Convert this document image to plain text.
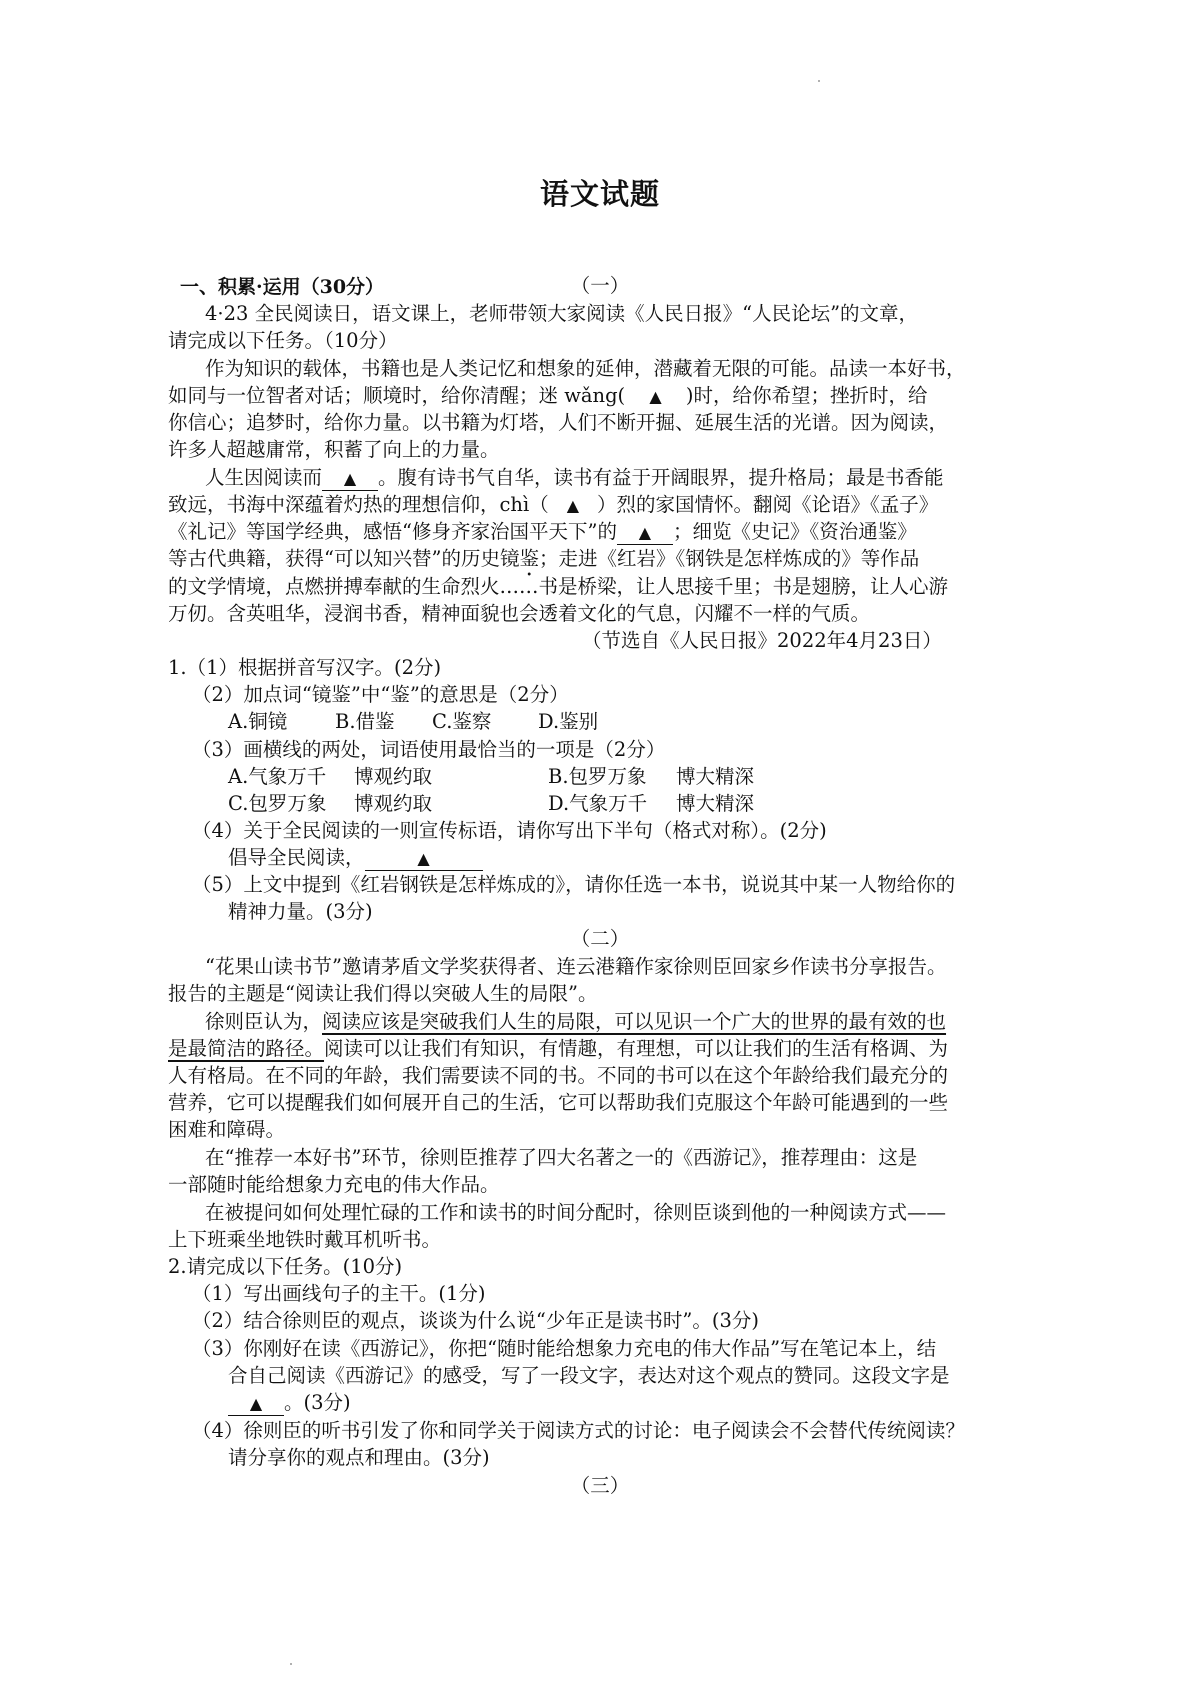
语文试题
一、积累·运用（30分）	（一）
4·23 全民阅读日，语文课上，老师带领大家阅读《人民日报》“人民论坛”的文章，
请完成以下任务。（10分）
作为知识的载体，书籍也是人类记忆和想象的延伸，潜藏着无限的可能。品读一本好书，
如同与一位智者对话；顺境时，给你清醒；迷 wǎng( ▲ )时，给你希望；挫折时，给
你信心；追梦时，给你力量。以书籍为灯塔，人们不断开掘、延展生活的光谱。因为阅读，
许多人超越庸常，积蓄了向上的力量。
人生因阅读而 ▲ 。腹有诗书气自华，读书有益于开阔眼界，提升格局；最是书香能
致远，书海中深蕴着灼热的理想信仰，chì（ ▲ ）烈的家国情怀。翻阅《论语》《孟子》
《礼记》等国学经典，感悟“修身齐家治国平天下”的 ▲ ；细览《史记》《资治通鉴》
等古代典籍，获得“可以知兴替”的历史镜鉴；走进《红岩》《钢铁是怎样炼成的》等作品
的文学情境，点燃拼搏奉献的生命烈火……书是桥梁，让人思接千里；书是翅膀，让人心游
万仞。含英咀华，浸润书香，精神面貌也会透着文化的气息，闪耀不一样的气质。
（节选自《人民日报》2022年4月23日）
1.（1）根据拼音写汉字。(2分)
（2）加点词“镜鉴”中“鉴”的意思是（2分）
A.铜镜 B.借鉴 C.鉴察 D.鉴别
（3）画横线的两处，词语使用最恰当的一项是（2分）
A.气象万千 博观约取	B.包罗万象 博大精深
C.包罗万象 博观约取	D.气象万千 博大精深
（4）关于全民阅读的一则宣传标语，请你写出下半句（格式对称）。(2分)
倡导全民阅读，	▲
（5）上文中提到《红岩钢铁是怎样炼成的》，请你任选一本书，说说其中某一人物给你的
精神力量。(3分)
（二）
“花果山读书节”邀请茅盾文学奖获得者、连云港籍作家徐则臣回家乡作读书分享报告。
报告的主题是“阅读让我们得以突破人生的局限”。
徐则臣认为，阅读应该是突破我们人生的局限，可以见识一个广大的世界的最有效的也
是最简洁的路径。阅读可以让我们有知识，有情趣，有理想，可以让我们的生活有格调、为
人有格局。在不同的年龄，我们需要读不同的书。不同的书可以在这个年龄给我们最充分的
营养，它可以提醒我们如何展开自己的生活，它可以帮助我们克服这个年龄可能遇到的一些
困难和障碍。
在“推荐一本好书”环节，徐则臣推荐了四大名著之一的《西游记》，推荐理由：这是
一部随时能给想象力充电的伟大作品。
在被提问如何处理忙碌的工作和读书的时间分配时，徐则臣谈到他的一种阅读方式——
上下班乘坐地铁时戴耳机听书。
2.请完成以下任务。(10分)
（1）写出画线句子的主干。(1分)
（2）结合徐则臣的观点，谈谈为什么说“少年正是读书时”。(3分)
（3）你刚好在读《西游记》，你把“随时能给想象力充电的伟大作品”写在笔记本上，结
合自己阅读《西游记》的感受，写了一段文字，表达对这个观点的赞同。这段文字是
▲ 。(3分)
（4）徐则臣的听书引发了你和同学关于阅读方式的讨论：电子阅读会不会替代传统阅读？
请分享你的观点和理由。(3分)
（三）
